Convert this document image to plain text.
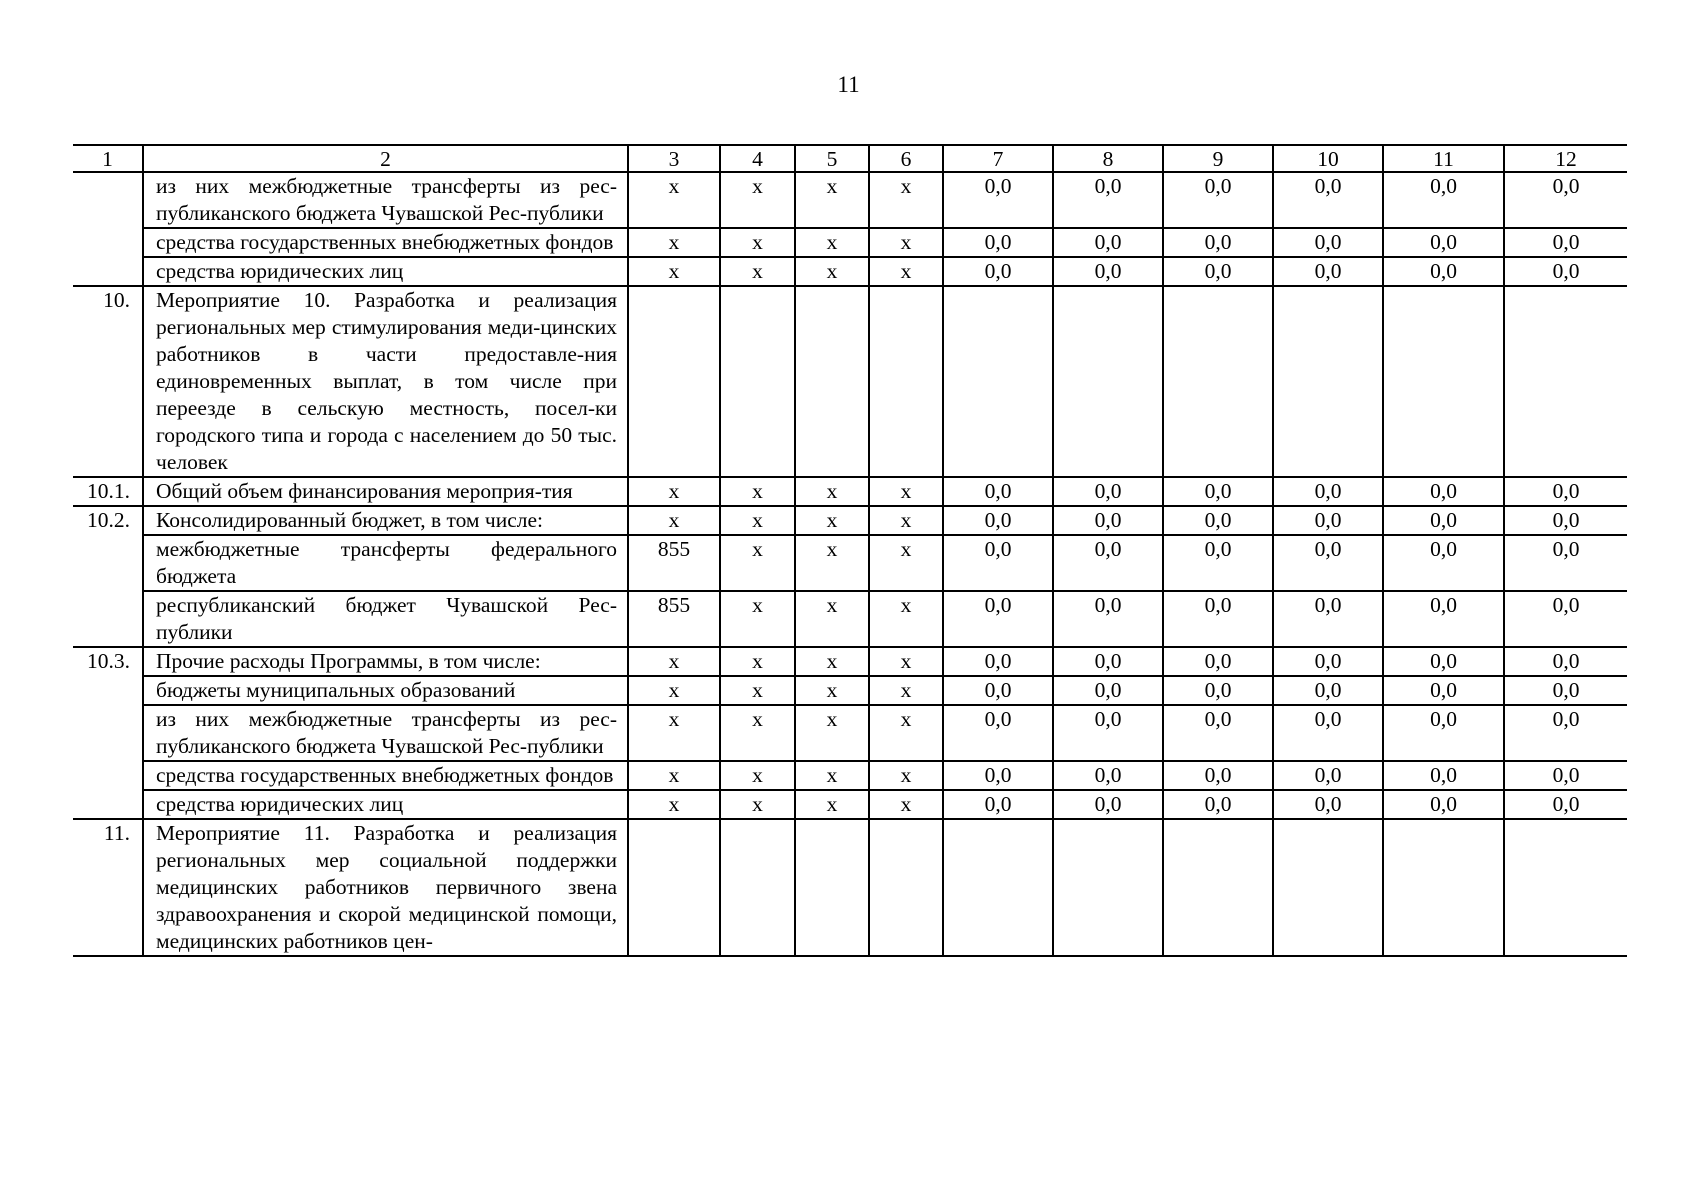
11
1	2	3	4	5	6	7	8	9	10	11	12
	из них межбюджетные трансферты из рес-публиканского бюджета Чувашской Рес-публики	x	x	x	x	0,0	0,0	0,0	0,0	0,0	0,0
	средства государственных внебюджетных фондов	x	x	x	x	0,0	0,0	0,0	0,0	0,0	0,0
	средства юридических лиц	x	x	x	x	0,0	0,0	0,0	0,0	0,0	0,0
10.	Мероприятие 10. Разработка и реализация региональных мер стимулирования меди-цинских работников в части предоставле-ния единовременных выплат, в том числе при переезде в сельскую местность, посел-ки городского типа и города с населением до 50 тыс. человек										
10.1.	Общий объем финансирования мероприя-тия	x	x	x	x	0,0	0,0	0,0	0,0	0,0	0,0
10.2.	Консолидированный бюджет, в том числе:	x	x	x	x	0,0	0,0	0,0	0,0	0,0	0,0
	межбюджетные трансферты федерального бюджета	855	x	x	x	0,0	0,0	0,0	0,0	0,0	0,0
	республиканский бюджет Чувашской Рес-публики	855	x	x	x	0,0	0,0	0,0	0,0	0,0	0,0
10.3.	Прочие расходы Программы, в том числе:	x	x	x	x	0,0	0,0	0,0	0,0	0,0	0,0
	бюджеты муниципальных образований	x	x	x	x	0,0	0,0	0,0	0,0	0,0	0,0
	из них межбюджетные трансферты из рес-публиканского бюджета Чувашской Рес-публики	x	x	x	x	0,0	0,0	0,0	0,0	0,0	0,0
	средства государственных внебюджетных фондов	x	x	x	x	0,0	0,0	0,0	0,0	0,0	0,0
	средства юридических лиц	x	x	x	x	0,0	0,0	0,0	0,0	0,0	0,0
11.	Мероприятие 11. Разработка и реализация региональных мер социальной поддержки медицинских работников первичного звена здравоохранения и скорой медицинской помощи, медицинских работников цен-										
